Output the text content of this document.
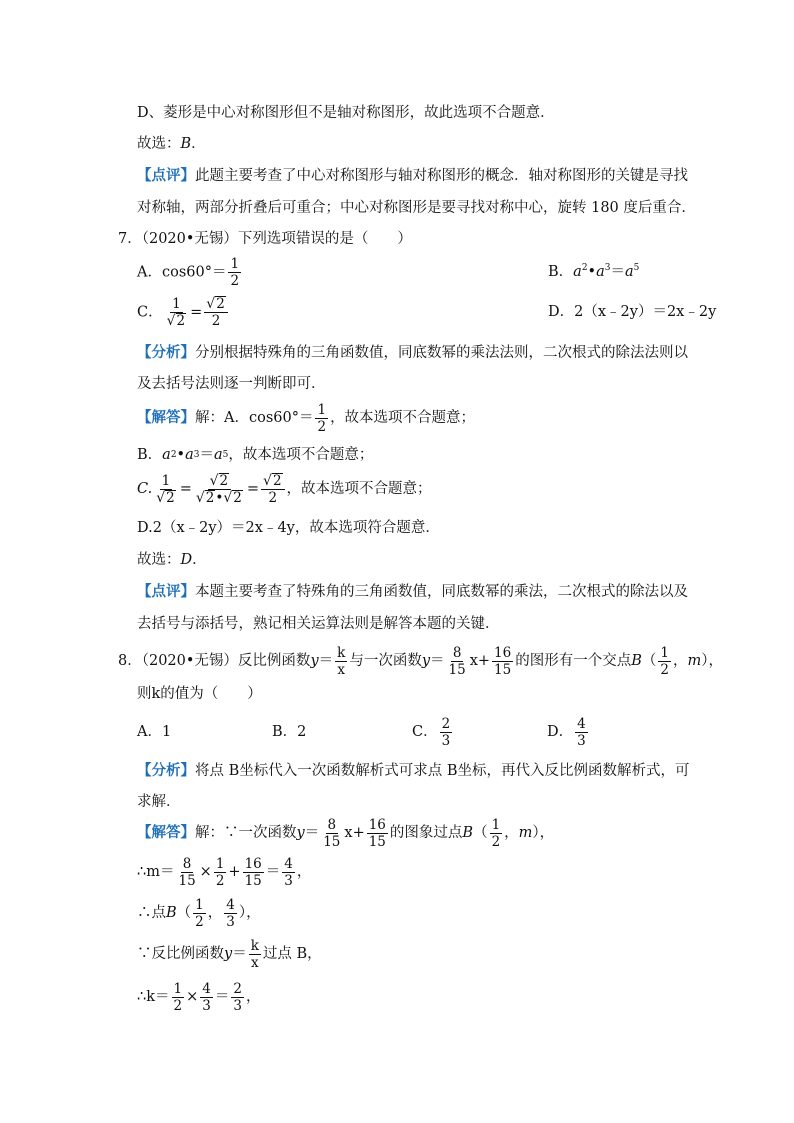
D、菱形是中心对称图形但不是轴对称图形，故此选项不合题意．
故选： B ．
【点评】 此题主要考查了中心对称图形与轴对称图形的概念．轴对称图形的关键是寻找
对称轴，两部分折叠后可重合；中心对称图形是要寻找对称中心，旋转 180 度后重合．
7．（2020•无锡）下列选项错误的是（　　）
A．$\cos 60^\circ= \frac{1}{2}$	B．$a^2•a^3=a^5$
C． $\frac{1}{√ 2} = \frac{√ 2}{2}$	D．2（x﹣2y）＝2x﹣2y
【分析】 分别根据特殊角的三角函数值，同底数幂的乘法法则，二次根式的除法法则以
及去括号法则逐一判断即可．
【解答】 解：A．$\cos 60^\circ= \frac{1}{2}$ ，故本选项不合题意；
B． a 2 • a 3 ＝ a 5 ，故本选项不合题意；
C. $\frac{1}{√ 2} = \frac{√ 2}{√ 2 • √ 2} = \frac{√ 2}{2}$ ，故本选项不合题意；
D.2（x﹣2y）＝2x﹣4y，故本选项符合题意．
故选： D ．
【点评】 本题主要考查了特殊角的三角函数值，同底数幂的乘法，二次根式的除法以及
去括号与添括号，熟记相关运算法则是解答本题的关键．
8．（2020•无锡）反比例函数 $y = \frac{k}{x}$ 与一次函数 $y = \frac{8}{15} x+ \frac{16}{15}$ 的图形有一个交点 B （ $\frac{1}{2}$ ， m ），
则k的值为（　　）
A．1	B．2	C． $\frac{2}{3}$	D． $\frac{4}{3}$
【分析】 将点 B坐标代入一次函数解析式可求点 B坐标，再代入反比例函数解析式，可
求解．
【解答】 解：∵一次函数 $y = \frac{8}{15} x+ \frac{16}{15}$ 的图象过点 B （ $\frac{1}{2}$ ， m ），
∴m＝ $\frac{8}{15} \times \frac{1}{2} + \frac{16}{15} = \frac{4}{3}$ ，
∴点 B （ $\frac{1}{2}$ ， $\frac{4}{3}$ ），
∵反比例函数 $y = \frac{k}{x}$ 过点 B，
∴k＝ $\frac{1}{2} \times \frac{4}{3} = \frac{2}{3}$ ，
